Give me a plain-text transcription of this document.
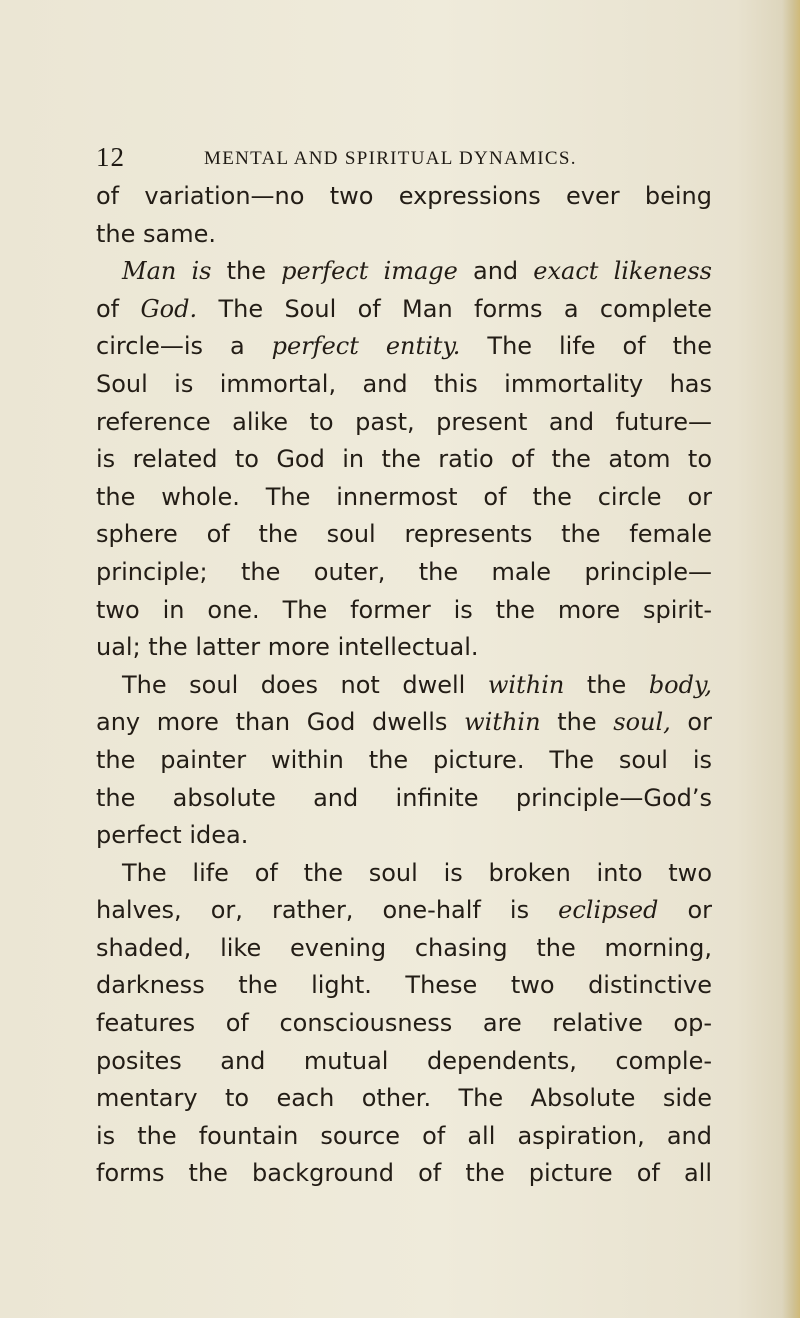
12	MENTAL AND SPIRITUAL DYNAMICS.
of variation—no two expressions ever being
the same.
Man is the perfect image and exact likeness
of God. The Soul of Man forms a complete
circle—is a perfect entity. The life of the
Soul is immortal, and this immortality has
reference alike to past, present and future—
is related to God in the ratio of the atom to
the whole. The innermost of the circle or
sphere of the soul represents the female
principle; the outer, the male principle—
two in one. The former is the more spirit-
ual; the latter more intellectual.
The soul does not dwell within the body,
any more than God dwells within the soul, or
the painter within the picture. The soul is
the absolute and infinite principle—God’s
perfect idea.
The life of the soul is broken into two
halves, or, rather, one-half is eclipsed or
shaded, like evening chasing the morning,
darkness the light. These two distinctive
features of consciousness are relative op-
posites and mutual dependents, comple-
mentary to each other. The Absolute side
is the fountain source of all aspiration, and
forms the background of the picture of all
